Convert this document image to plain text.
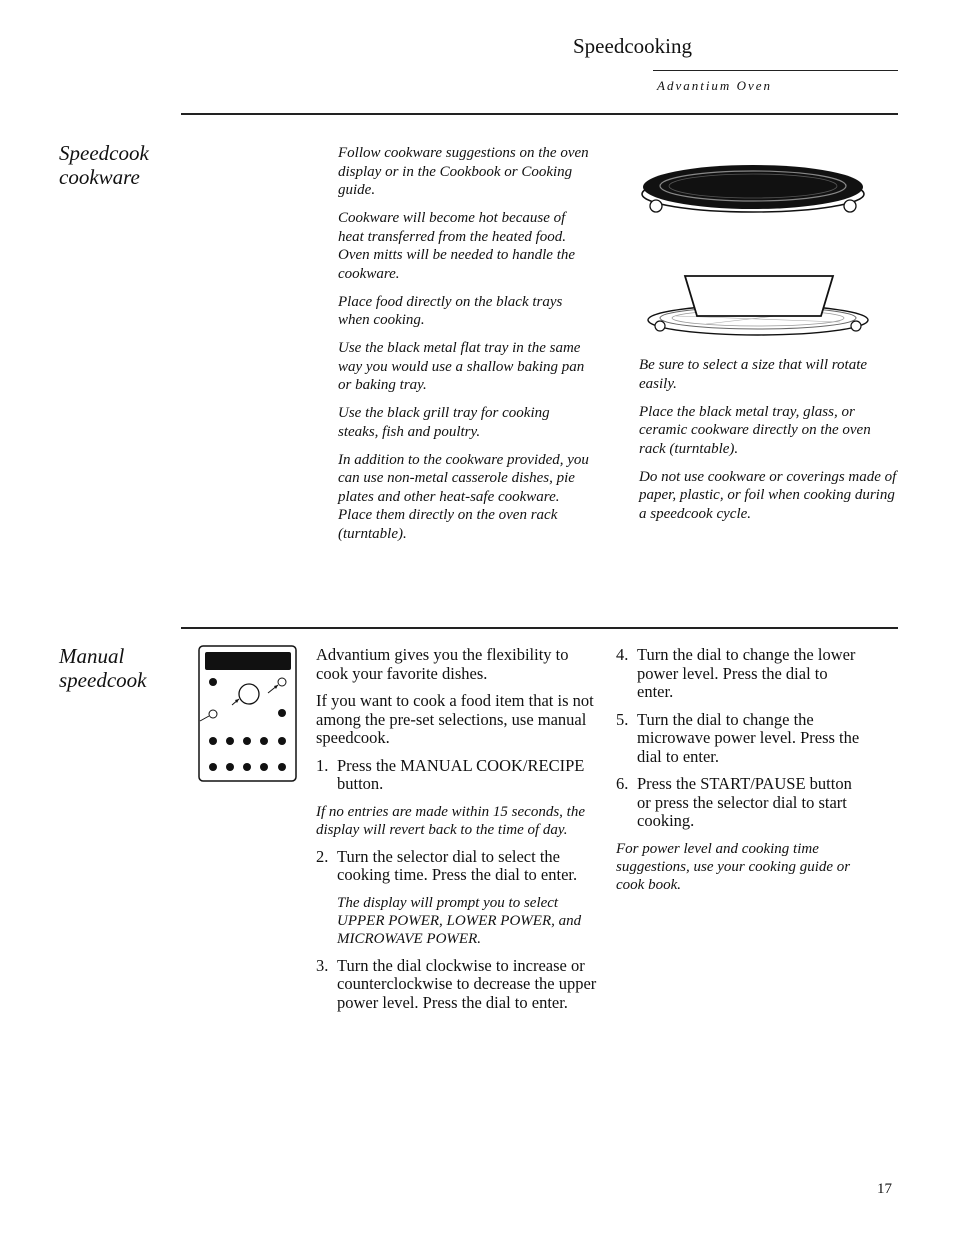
Speedcooking
Advantium Oven
Speedcook
cookware

Follow cookware suggestions on the oven display or in the Cookbook or Cooking guide.

Cookware will become hot because of heat transferred from the heated food. Oven mitts will be needed to handle the cookware.

Place food directly on the black trays when cooking.

Use the black metal flat tray in the same way you would use a shallow baking pan or baking tray.

Use the black grill tray for cooking steaks, fish and poultry.

In addition to the cookware provided, you can use non-metal casserole dishes, pie plates and other heat-safe cookware. Place them directly on the oven rack (turntable).

Be sure to select a size that will rotate easily.

Place the black metal tray, glass, or ceramic cookware directly on the oven rack (turntable).

Do not use cookware or coverings made of paper, plastic, or foil when cooking during a speedcook cycle.

Manual
speedcook

Advantium gives you the flexibility to cook your favorite dishes.

If you want to cook a food item that is not among the pre-set selections, use manual speedcook.

1. Press the MANUAL COOK/RECIPE button.
If no entries are made within 15 seconds, the display will revert back to the time of day.
2. Turn the selector dial to select the cooking time. Press the dial to enter.
The display will prompt you to select UPPER POWER, LOWER POWER, and MICROWAVE POWER.
3. Turn the dial clockwise to increase or counterclockwise to decrease the upper power level. Press the dial to enter.
4. Turn the dial to change the lower power level. Press the dial to enter.
5. Turn the dial to change the microwave power level. Press the dial to enter.
6. Press the START/PAUSE button or press the selector dial to start cooking.
For power level and cooking time suggestions, use your cooking guide or cook book.
17
